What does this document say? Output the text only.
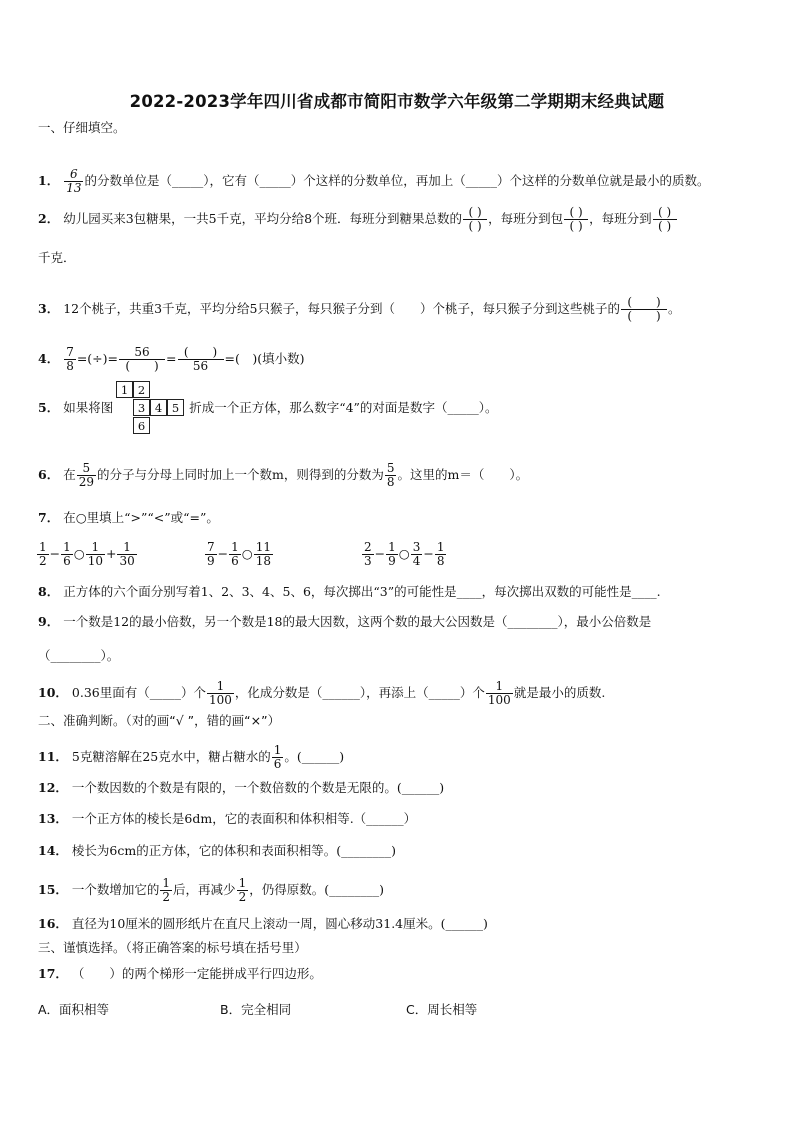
2022-2023学年四川省成都市简阳市数学六年级第二学期期末经典试题
一、仔细填空。
1． $\frac{6}{13}$ 的分数单位是（_____），它有（_____）个这样的分数单位，再加上（_____）个这样的分数单位就是最小的质数。
2． 幼儿园买来3包糖果，一共5千克，平均分给8个班．每班分到糖果总数的 $\frac{( )}{( )}$ ，每班分到包 $\frac{( )}{( )}$ ，每班分到 $\frac{( )}{( )}$
千克．
3． 12个桃子，共重3千克，平均分给5只猴子，每只猴子分到（　　）个桃子，每只猴子分到这些桃子的 $\frac{( )}{( )}$ 。
4． $\frac{7}{8}$ =(÷)= $\frac{56}{( )} = \frac{( )}{56}$ =(　)(填小数)
5． 如果将图	折成一个正方体，那么数字“4”的对面是数字（_____）。
1 2
3 4 5
6
6． 在 $\frac{5}{29}$ 的分子与分母上同时加上一个数m，则得到的分数为 $\frac{5}{8}$ 。这里的m＝（　　）。
7． 在○里填上“>”“<”或“=”。
$\frac{1}{2} - \frac{1}{6}$ ○ $\frac{1}{10} + \frac{1}{30}$	$\frac{7}{9} - \frac{1}{6}$ ○ $\frac{11}{18}$	$\frac{2}{3} - \frac{1}{9}$ ○ $\frac{3}{4} - \frac{1}{8}$
8． 正方体的六个面分别写着1、2、3、4、5、6，每次掷出“3”的可能性是____，每次掷出双数的可能性是____.
9． 一个数是12的最小倍数，另一个数是18的最大因数，这两个数的最大公因数是（________），最小公倍数是
（________）。
10． 0.36里面有（_____）个 $\frac{1}{100}$ ，化成分数是（______），再添上（_____）个 $\frac{1}{100}$ 就是最小的质数.
二、准确判断。（对的画“√ ”，错的画“×”）
11． 5克糖溶解在25克水中，糖占糖水的 $\frac{1}{6}$ 。(______)
12． 一个数因数的个数是有限的，一个数倍数的个数是无限的。(______)
13． 一个正方体的棱长是6dm，它的表面积和体积相等.（______）
14． 棱长为6cm的正方体，它的体积和表面积相等。(________)
15． 一个数增加它的 $\frac{1}{2}$ 后，再减少 $\frac{1}{2}$ ，仍得原数。(________)
16． 直径为10厘米的圆形纸片在直尺上滚动一周，圆心移动31.4厘米。(______)
三、谨慎选择。（将正确答案的标号填在括号里）
17． （　　）的两个梯形一定能拼成平行四边形。
A．面积相等	B．完全相同	C．周长相等
